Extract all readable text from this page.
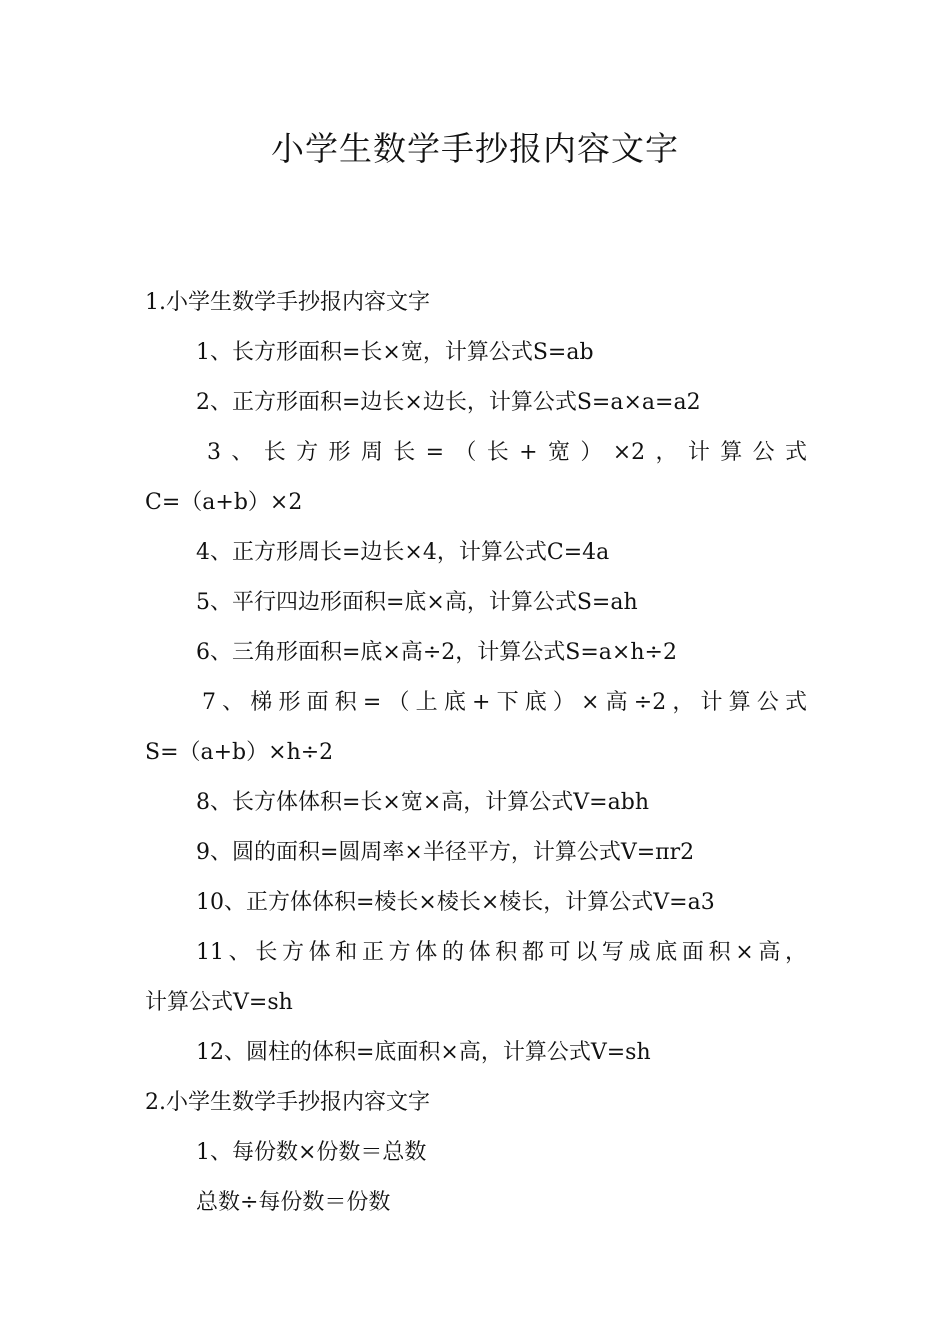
小学生数学手抄报内容文字

1.小学生数学手抄报内容文字

1、长方形面积=长×宽，计算公式S=ab

2、正方形面积=边长×边长，计算公式S=a×a=a2

3、长方形周长=（长+宽）×2，计算公式

C=（a+b）×2

4、正方形周长=边长×4，计算公式C=4a

5、平行四边形面积=底×高，计算公式S=ah

6、三角形面积=底×高÷2，计算公式S=a×h÷2

7、梯形面积=（上底+下底）×高÷2，计算公式

S=（a+b）×h÷2

8、长方体体积=长×宽×高，计算公式V=abh

9、圆的面积=圆周率×半径平方，计算公式V=πr2

10、正方体体积=棱长×棱长×棱长，计算公式V=a3

11、长方体和正方体的体积都可以写成底面积×高，

计算公式V=sh

12、圆柱的体积=底面积×高，计算公式V=sh

2.小学生数学手抄报内容文字

1、每份数×份数＝总数

总数÷每份数＝份数
